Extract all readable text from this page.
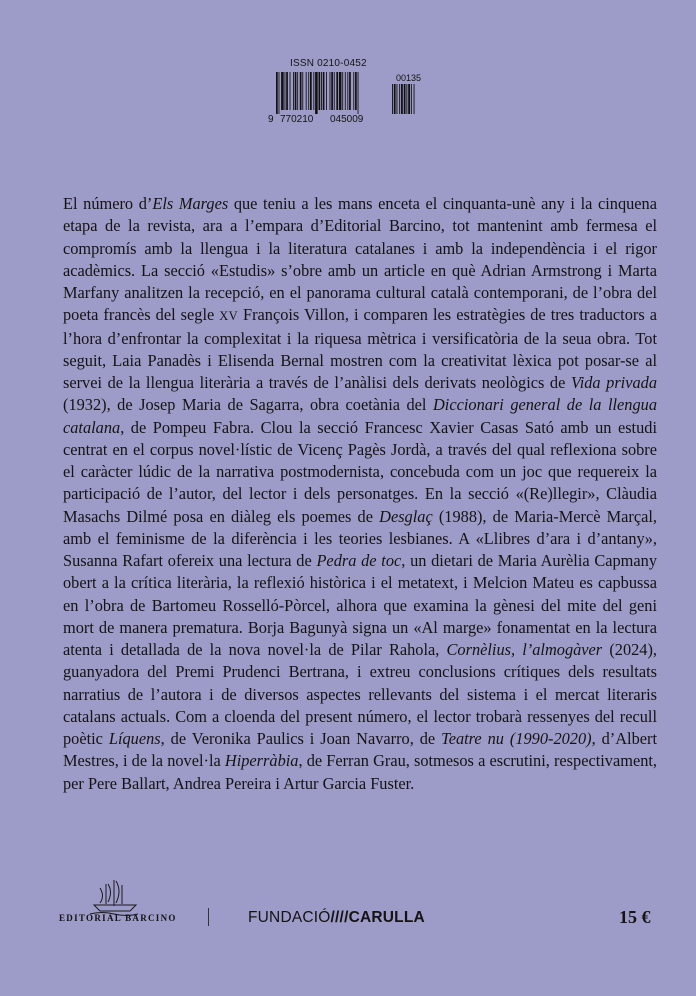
ISSN 0210-0452
00135
9 770210 045009

El número d’Els Marges que teniu a les mans enceta el cinquanta-unè any i la cinquena etapa de la revista, ara a l’empara d’Editorial Barcino, tot mantenint amb fermesa el compromís amb la llengua i la literatura catalanes i amb la independència i el rigor acadèmics. La secció «Estudis» s’obre amb un article en què Adrian Armstrong i Marta Marfany analitzen la recepció, en el panorama cultural català contemporani, de l’obra del poeta francès del segle XV François Villon, i comparen les estratègies de tres traductors a l’hora d’enfrontar la complexitat i la riquesa mètrica i versificatòria de la seua obra. Tot seguit, Laia Panadès i Elisenda Bernal mostren com la creativitat lèxica pot posar-se al servei de la llengua literària a través de l’anàlisi dels derivats neològics de Vida privada (1932), de Josep Maria de Sagarra, obra coetània del Diccionari general de la llengua catalana, de Pompeu Fabra. Clou la secció Francesc Xavier Casas Sató amb un estudi centrat en el corpus novel·lístic de Vicenç Pagès Jordà, a través del qual reflexiona sobre el caràcter lúdic de la narrativa postmodernista, concebuda com un joc que requereix la participació de l’autor, del lector i dels personatges. En la secció «(Re)llegir», Clàudia Masachs Dilmé posa en diàleg els poemes de Desglaç (1988), de Maria-Mercè Marçal, amb el feminisme de la diferència i les teories lesbianes. A «Llibres d’ara i d’antany», Susanna Rafart ofereix una lectura de Pedra de toc, un dietari de Maria Aurèlia Capmany obert a la crítica literària, la reflexió històrica i el metatext, i Melcion Mateu es capbussa en l’obra de Bartomeu Rosselló-Pòrcel, alhora que examina la gènesi del mite del geni mort de manera prematura. Borja Bagunyà signa un «Al marge» fonamentat en la lectura atenta i detallada de la nova novel·la de Pilar Rahola, Cornèlius, l’almogàver (2024), guanyadora del Premi Prudenci Bertrana, i extreu conclusions crítiques dels resultats narratius de l’autora i de diversos aspectes rellevants del sistema i el mercat literaris catalans actuals. Com a cloenda del present número, el lector trobarà ressenyes del recull poètic Líquens, de Veronika Paulics i Joan Navarro, de Teatre nu (1990-2020), d’Albert Mestres, i de la novel·la Hiperràbia, de Ferran Grau, sotmesos a escrutini, respectivament, per Pere Ballart, Andrea Pereira i Artur Garcia Fuster.

EDITORIAL BARCINO	FUNDACIÓ////CARULLA	15 €
